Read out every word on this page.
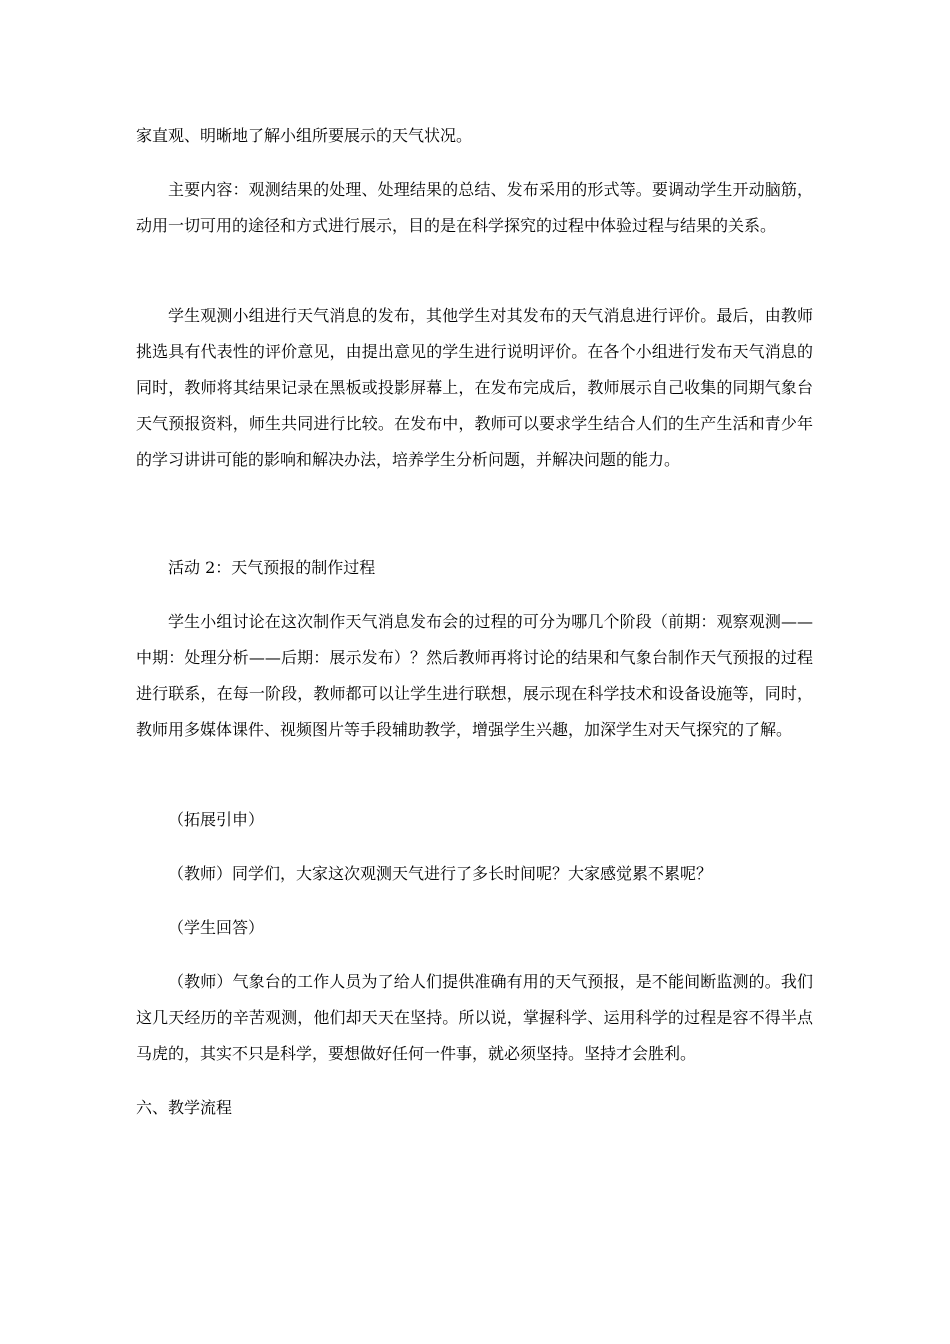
家直观、明晰地了解小组所要展示的天气状况。

主要内容：观测结果的处理、处理结果的总结、发布采用的形式等。要调动学生开动脑筋，动用一切可用的途径和方式进行展示，目的是在科学探究的过程中体验过程与结果的关系。

学生观测小组进行天气消息的发布，其他学生对其发布的天气消息进行评价。最后，由教师挑选具有代表性的评价意见，由提出意见的学生进行说明评价。在各个小组进行发布天气消息的同时，教师将其结果记录在黑板或投影屏幕上，在发布完成后，教师展示自己收集的同期气象台天气预报资料，师生共同进行比较。在发布中，教师可以要求学生结合人们的生产生活和青少年的学习讲讲可能的影响和解决办法，培养学生分析问题，并解决问题的能力。

活动 2：天气预报的制作过程

学生小组讨论在这次制作天气消息发布会的过程的可分为哪几个阶段（前期：观察观测——中期：处理分析——后期：展示发布）？然后教师再将讨论的结果和气象台制作天气预报的过程进行联系，在每一阶段，教师都可以让学生进行联想，展示现在科学技术和设备设施等，同时，教师用多媒体课件、视频图片等手段辅助教学，增强学生兴趣，加深学生对天气探究的了解。

（拓展引申）

（教师）同学们，大家这次观测天气进行了多长时间呢？大家感觉累不累呢？

（学生回答）

（教师）气象台的工作人员为了给人们提供准确有用的天气预报，是不能间断监测的。我们这几天经历的辛苦观测，他们却天天在坚持。所以说，掌握科学、运用科学的过程是容不得半点马虎的，其实不只是科学，要想做好任何一件事，就必须坚持。坚持才会胜利。

六、教学流程
